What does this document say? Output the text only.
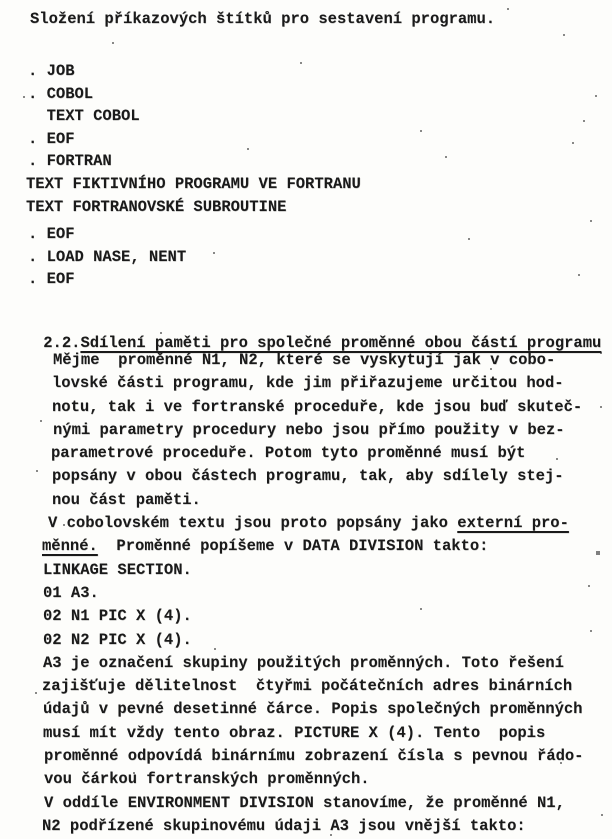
Složení příkazových štítků pro sestavení programu.
. JOB
. COBOL
TEXT COBOL
. EOF
. FORTRAN
TEXT FIKTIVNÍHO PROGRAMU VE FORTRANU
TEXT FORTRANOVSKÉ SUBROUTINE
. EOF
. LOAD NASE, NENT
. EOF

2.2.Sdílení paměti pro společné proměnné obou částí programu

Mějme  proměnné N1, N2, které se vyskytují jak v cobo-
lovské části programu, kde jim přiřazujeme určitou hod-
notu, tak i ve fortranské proceduře, kde jsou buď skuteč-
nými parametry procedury nebo jsou přímo použity v bez-
parametrové proceduře. Potom tyto proměnné musí být
popsány v obou částech programu, tak, aby sdílely stej-
nou část paměti.
V cobolovském textu jsou proto popsány jako externí pro-
měnné.  Proměnné popíšeme v DATA DIVISION takto:
LINKAGE SECTION.
01 A3.
02 N1 PIC X (4).
02 N2 PIC X (4).
A3 je označení skupiny použitých proměnných. Toto řešení
zajišťuje dělitelnost  čtyřmi počátečních adres binárních
údajů v pevné desetinné čárce. Popis společných proměnných
musí mít vždy tento obraz. PICTURE X (4). Tento  popis
proměnné odpovídá binárnímu zobrazení čísla s pevnou řádo-
vou čárkou fortranských proměnných.
V oddíle ENVIRONMENT DIVISION stanovíme, že proměnné N1,
N2 podřízené skupinovému údaji A3 jsou vnější takto:
